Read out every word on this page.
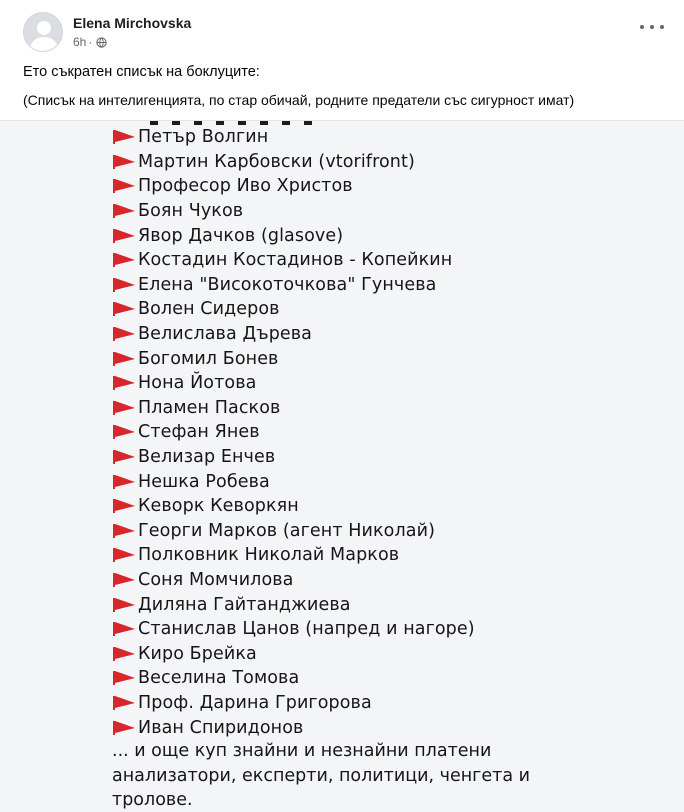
Elena Mirchovska
6h ·
Ето съкратен списък на боклуците:
(Списък на интелигенцията, по стар обичай, родните предатели със сигурност имат)
Петър Волгин
Мартин Карбовски (vtorifront)
Професор Иво Христов
Боян Чуков
Явор Дачков (glasove)
Костадин Костадинов - Копейкин
Елена "Високоточкова" Гунчева
Волен Сидеров
Велислава Дърева
Богомил Бонев
Нона Йотова
Пламен Пасков
Стефан Янев
Велизар Енчев
Нешка Робева
Кеворк Кеворкян
Георги Марков (агент Николай)
Полковник Николай Марков
Соня Момчилова
Диляна Гайтанджиева
Станислав Цанов (напред и нагоре)
Киро Брейка
Веселина Томова
Проф. Дарина Григорова
Иван Спиридонов
... и още куп знайни и незнайни платени анализатори, експерти, политици, ченгета и тролове.
